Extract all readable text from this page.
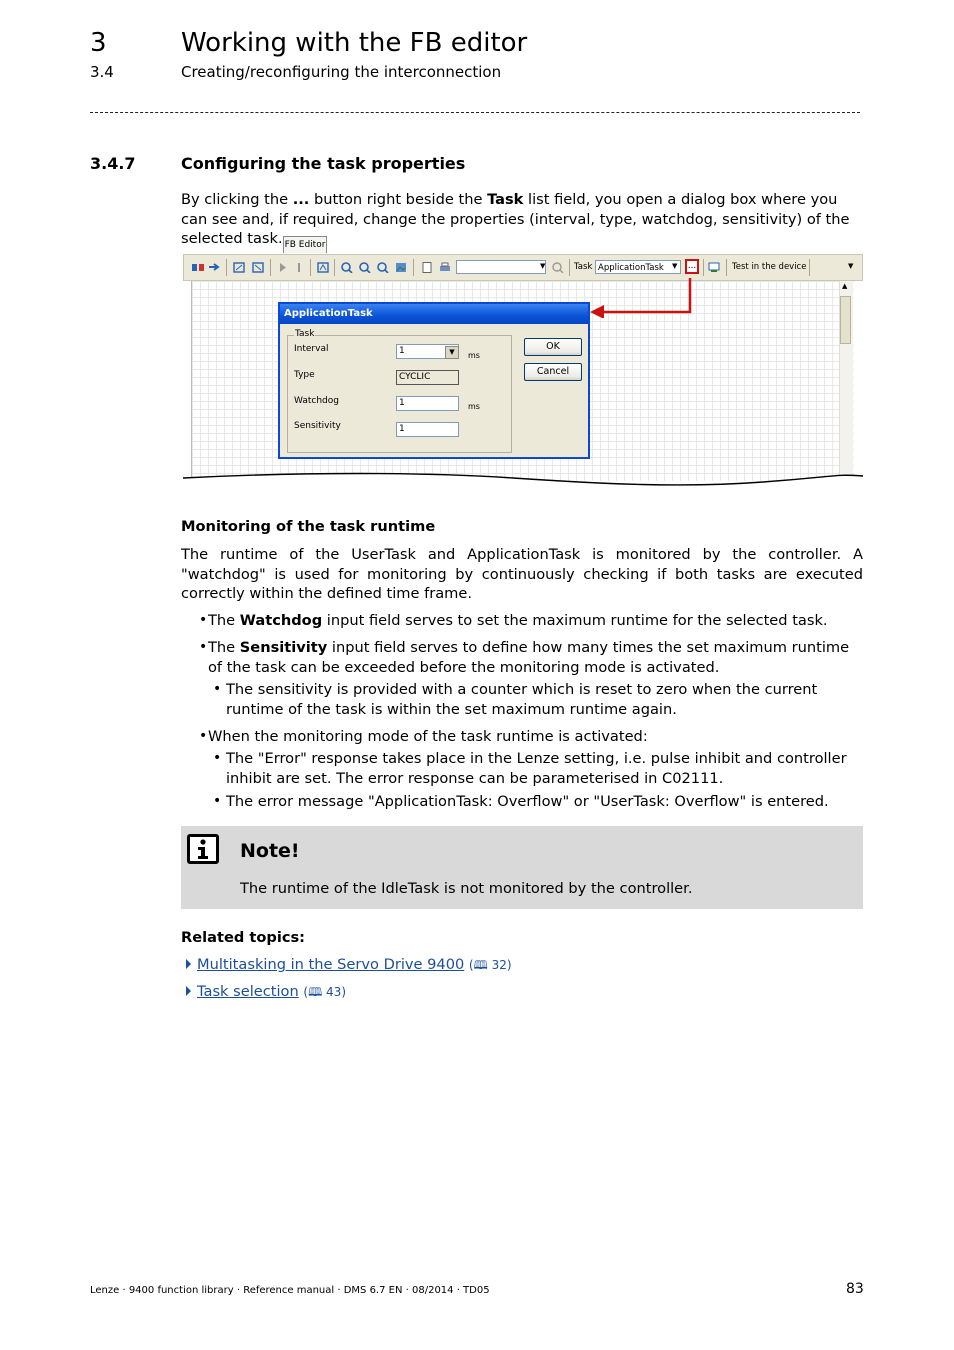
3	Working with the FB editor
3.4	Creating/reconfiguring the interconnection
3.4.7	Configuring the task properties

By clicking the ... button right beside the Task list field, you open a dialog box where you can see and, if required, change the properties (interval, type, watchdog, sensitivity) of the selected task. FB Editor
▼	Task ApplicationTask	▼	...	Test in the device	▼
▲
ApplicationTask
Task
Interval	1	▼	ms
Type	CYCLIC
Watchdog	1	ms
Sensitivity	1
OK
Cancel
Monitoring of the task runtime

The runtime of the UserTask and ApplicationTask is monitored by the controller. A "watchdog" is used for monitoring by continuously checking if both tasks are executed correctly within the defined time frame.

• The Watchdog input field serves to set the maximum runtime for the selected task.
• The Sensitivity input field serves to define how many times the set maximum runtime of the task can be exceeded before the monitoring mode is activated.
• The sensitivity is provided with a counter which is reset to zero when the current runtime of the task is within the set maximum runtime again.
• When the monitoring mode of the task runtime is activated:
• The "Error" response takes place in the Lenze setting, i.e. pulse inhibit and controller inhibit are set. The error response can be parameterised in C02111.
• The error message "ApplicationTask: Overflow" or "UserTask: Overflow" is entered.
Note!
The runtime of the IdleTask is not monitored by the controller.
Related topics:
Multitasking in the Servo Drive 9400 (🕮 32)
Task selection (🕮 43)
Lenze · 9400 function library · Reference manual · DMS 6.7 EN · 08/2014 · TD05	83
